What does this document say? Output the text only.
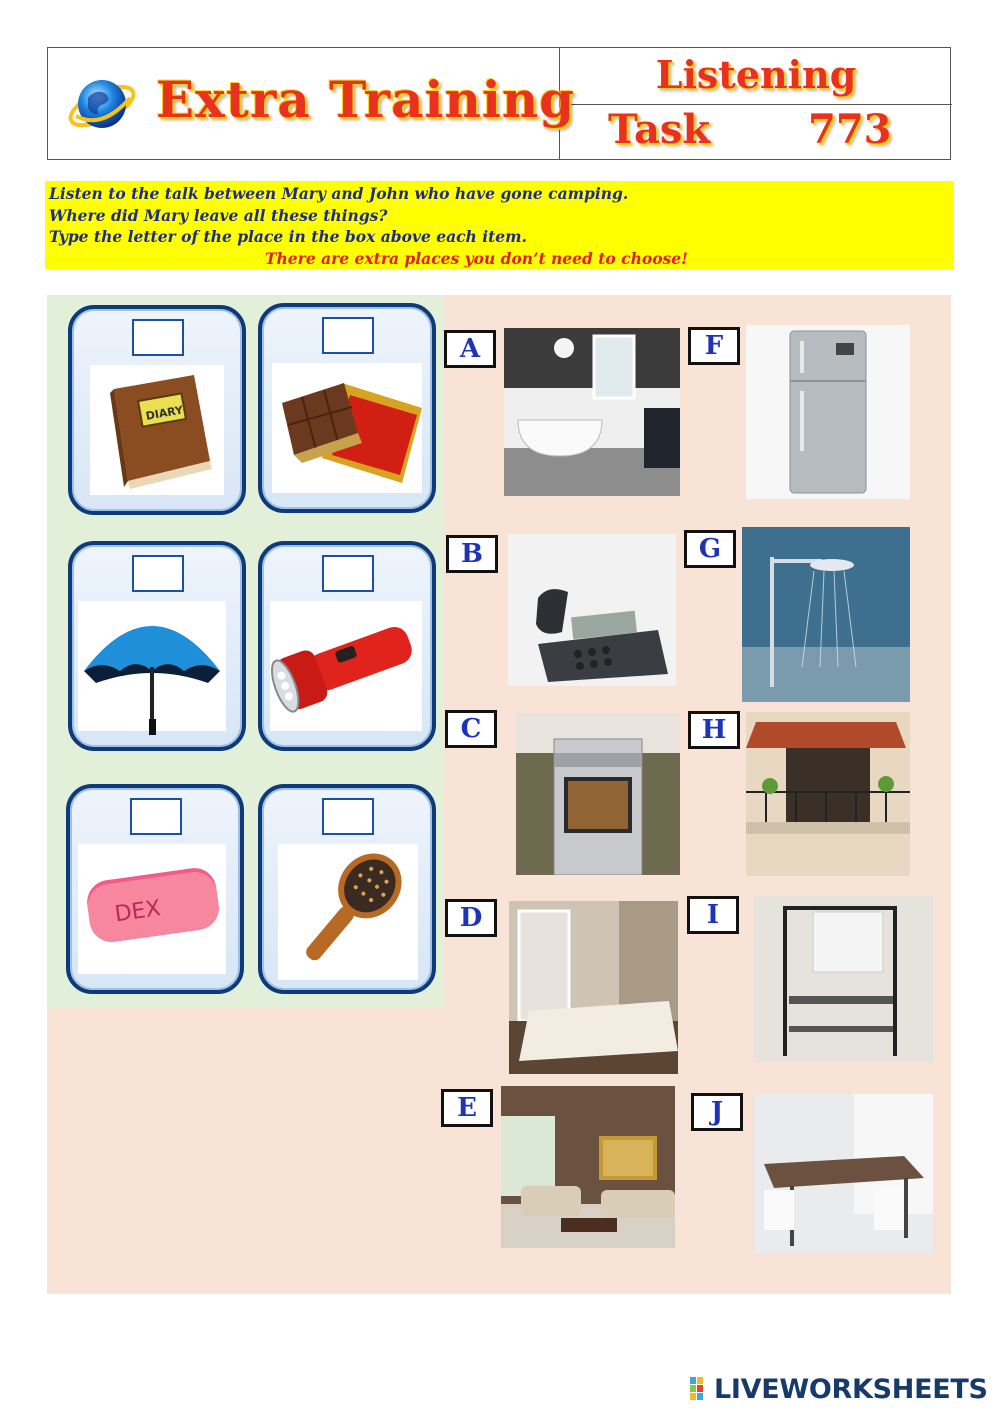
Extra Training	Listening
Task 773
Listen to the talk between Mary and John who have gone camping.
Where did Mary leave all these things?
Type the letter of the place in the box above each item.
There are extra places you don’t need to choose!
DIARY
DEX
A
B
C
D
E
F
G
H
I
J
LIVEWORKSHEETS
